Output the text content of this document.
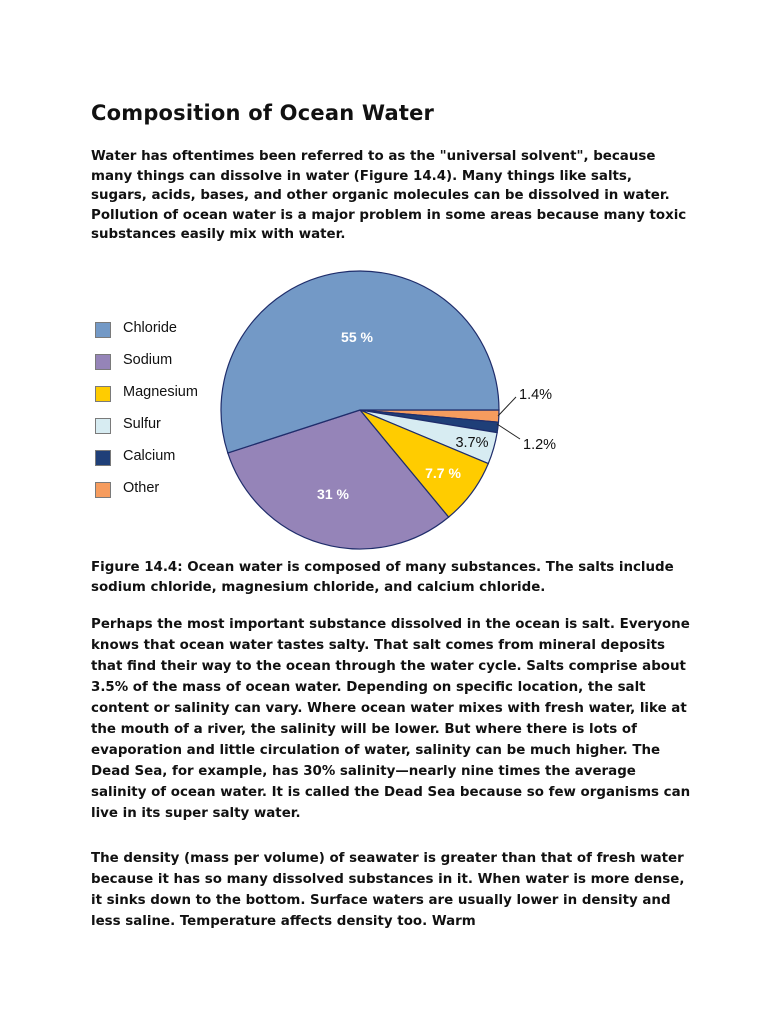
Composition of Ocean Water

Water has oftentimes been referred to as the "universal solvent", because many things can dissolve in water (Figure 14.4). Many things like salts, sugars, acids, bases, and other organic molecules can be dissolved in water. Pollution of ocean water is a major problem in some areas because many toxic substances easily mix with water.

Chloride
Sodium
Magnesium
Sulfur
Calcium
Other
55 %
31 %
7.7 %
3.7%
1.4%
1.2%

Figure 14.4: Ocean water is composed of many substances. The salts include sodium chloride, magnesium chloride, and calcium chloride.

Perhaps the most important substance dissolved in the ocean is salt. Everyone knows that ocean water tastes salty. That salt comes from mineral deposits that find their way to the ocean through the water cycle. Salts comprise about 3.5% of the mass of ocean water. Depending on specific location, the salt content or salinity can vary. Where ocean water mixes with fresh water, like at the mouth of a river, the salinity will be lower. But where there is lots of evaporation and little circulation of water, salinity can be much higher. The Dead Sea, for example, has 30% salinity—nearly nine times the average salinity of ocean water. It is called the Dead Sea because so few organisms can live in its super salty water.

The density (mass per volume) of seawater is greater than that of fresh water because it has so many dissolved substances in it. When water is more dense, it sinks down to the bottom. Surface waters are usually lower in density and less saline. Temperature affects density too. Warm
